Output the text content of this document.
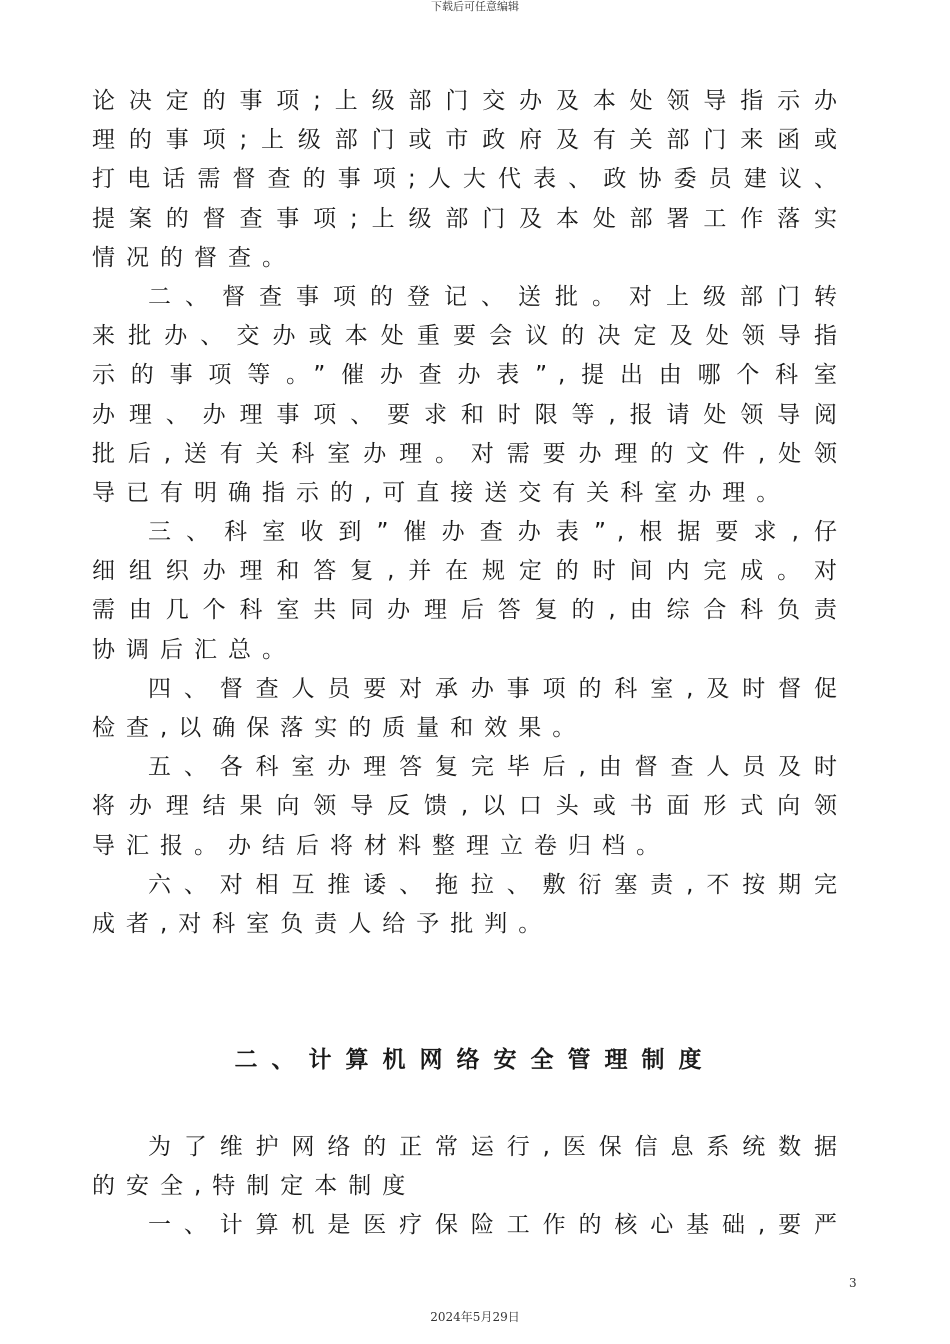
下载后可任意编辑
论决定的事项;上级部门交办及本处领导指示办
理的事项;上级部门或市政府及有关部门来函或
打电话需督查的事项;人大代表、政协委员建议、
提案的督查事项;上级部门及本处部署工作落实
情况的督查。
二、督查事项的登记、送批。对上级部门转
来批办、交办或本处重要会议的决定及处领导指
示的事项等。”催办查办表”,提出由哪个科室
办理、办理事项、要求和时限等,报请处领导阅
批后,送有关科室办理。对需要办理的文件,处领
导已有明确指示的,可直接送交有关科室办理。
三、科室收到”催办查办表”,根据要求,仔
细组织办理和答复,并在规定的时间内完成。对
需由几个科室共同办理后答复的,由综合科负责
协调后汇总。
四、督查人员要对承办事项的科室,及时督促
检查,以确保落实的质量和效果。
五、各科室办理答复完毕后,由督查人员及时
将办理结果向领导反馈,以口头或书面形式向领
导汇报。办结后将材料整理立卷归档。
六、对相互推诿、拖拉、敷衍塞责,不按期完
成者,对科室负责人给予批判。
二、计算机网络安全管理制度
为了维护网络的正常运行,医保信息系统数据
的安全,特制定本制度
一、计算机是医疗保险工作的核心基础,要严
3
2024年5月29日
